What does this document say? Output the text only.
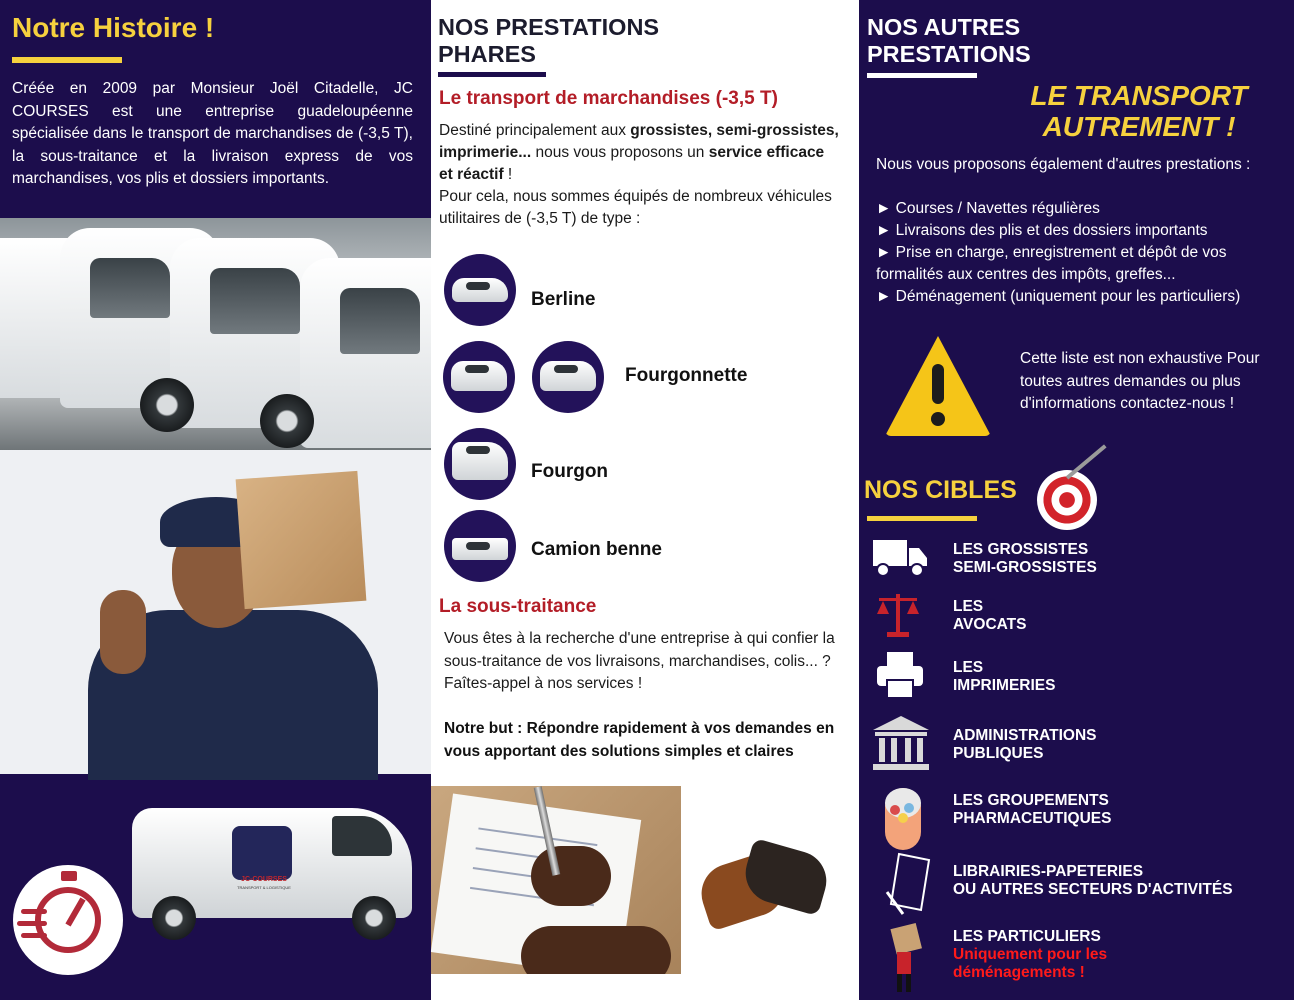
Notre Histoire !

Créée en 2009 par Monsieur Joël Citadelle, JC COURSES est une entreprise guadeloupéenne spécialisée dans le transport de marchandises de (-3,5 T), la sous-traitance et la livraison express de vos marchandises, vos plis et dossiers importants.

JC-COURSES
TRANSPORT & LOGISTIQUE
NOS PRESTATIONS PHARES
Le transport de marchandises (-3,5 T)

Destiné principalement aux grossistes, semi-grossistes, imprimerie... nous vous proposons un service efficace et réactif !
Pour cela, nous sommes équipés de nombreux véhicules utilitaires de (-3,5 T) de type :

Berline
Fourgonnette
Fourgon
Camion benne
La sous-traitance

Vous êtes à la recherche d'une entreprise à qui confier la sous-traitance de vos livraisons, marchandises, colis... ? Faîtes-appel à nos services !

Notre but : Répondre rapidement à vos demandes en vous apportant des solutions simples et claires

NOS AUTRES PRESTATIONS
LE TRANSPORT AUTREMENT !

Nous vous proposons également d'autres prestations :

► Courses / Navettes régulières
► Livraisons des plis et des dossiers importants
► Prise en charge, enregistrement et dépôt de vos formalités aux centres des impôts, greffes...
► Déménagement (uniquement pour les particuliers)

Cette liste est non exhaustive Pour toutes autres demandes ou plus d'informations contactez-nous !

NOS CIBLES
LES GROSSISTES
SEMI-GROSSISTES
LES
AVOCATS
LES
IMPRIMERIES
ADMINISTRATIONS
PUBLIQUES
LES GROUPEMENTS
PHARMACEUTIQUES
LIBRAIRIES-PAPETERIES
OU AUTRES SECTEURS D'ACTIVITÉS
LES PARTICULIERS
Uniquement pour les déménagements !
